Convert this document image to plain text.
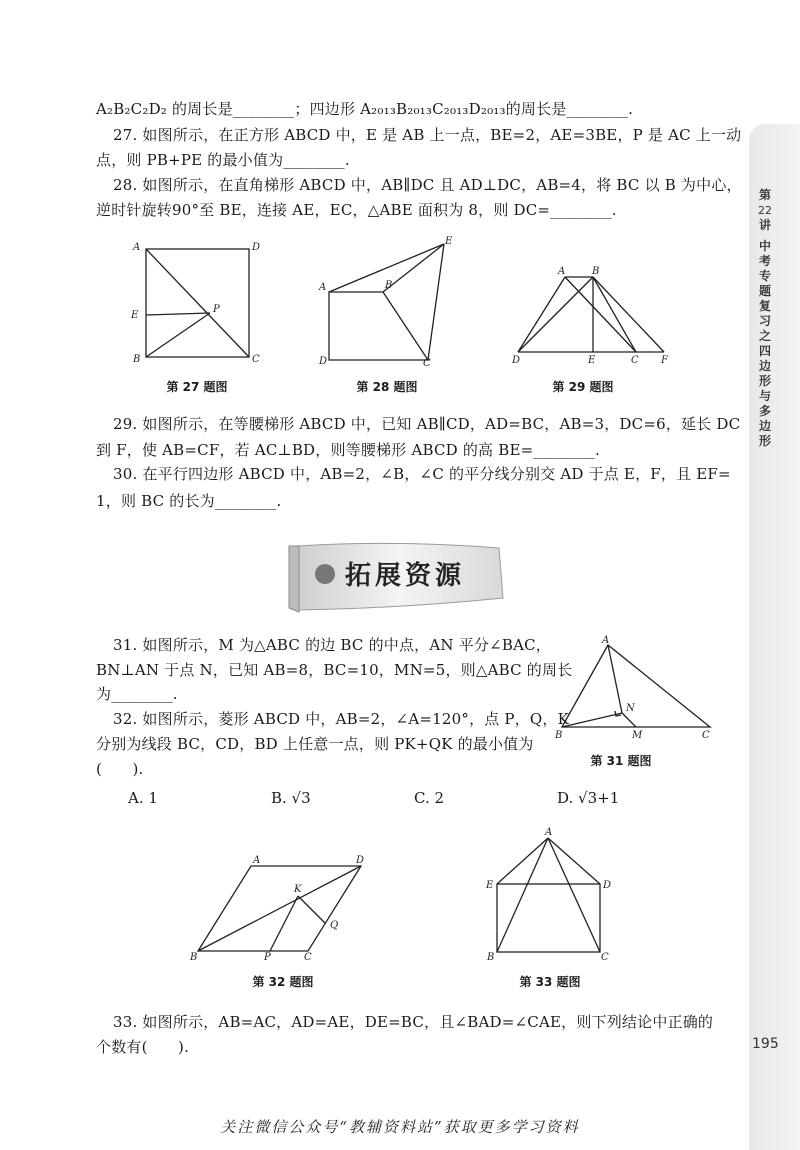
A₂B₂C₂D₂ 的周长是________；四边形 A₂₀₁₃B₂₀₁₃C₂₀₁₃D₂₀₁₃的周长是________.
27. 如图所示，在正方形 ABCD 中，E 是 AB 上一点，BE=2，AE=3BE，P 是 AC 上一动
点，则 PB+PE 的最小值为________.
28. 如图所示，在直角梯形 ABCD 中，AB∥DC 且 AD⊥DC，AB=4，将 BC 以 B 为中心，
逆时针旋转90°至 BE，连接 AE，EC，△ABE 面积为 8，则 DC=________.
A	D
E
P
B	C
第 27 题图
A	B
E
D	C
第 28 题图
A	B
D	E	C F
第 29 题图
29. 如图所示，在等腰梯形 ABCD 中，已知 AB∥CD，AD=BC，AB=3，DC=6，延长 DC
到 F，使 AB=CF，若 AC⊥BD，则等腰梯形 ABCD 的高 BE=________.
30. 在平行四边形 ABCD 中，AB=2，∠B，∠C 的平分线分别交 AD 于点 E，F，且 EF=
1，则 BC 的长为________.
拓展资源
31. 如图所示，M 为△ABC 的边 BC 的中点，AN 平分∠BAC，
BN⊥AN 于点 N，已知 AB=8，BC=10，MN=5，则△ABC 的周长
为________.
A
N
B	M	C
第 31 题图
32. 如图所示，菱形 ABCD 中，AB=2，∠A=120°，点 P，Q，K
分别为线段 BC，CD，BD 上任意一点，则 PK+QK 的最小值为
(　　).
A. 1	B. √3	C. 2	D. √3+1
A	D
K
Q
B	P	C
第 32 题图
A
E	D
B	C
第 33 题图
33. 如图所示，AB=AC，AD=AE，DE=BC，且∠BAD=∠CAE，则下列结论中正确的
个数有(　　).
第
22
讲
中
考
专
题
复
习
之
四
边
形
与
多
边
形
195
关注微信公众号“教辅资料站”获取更多学习资料
